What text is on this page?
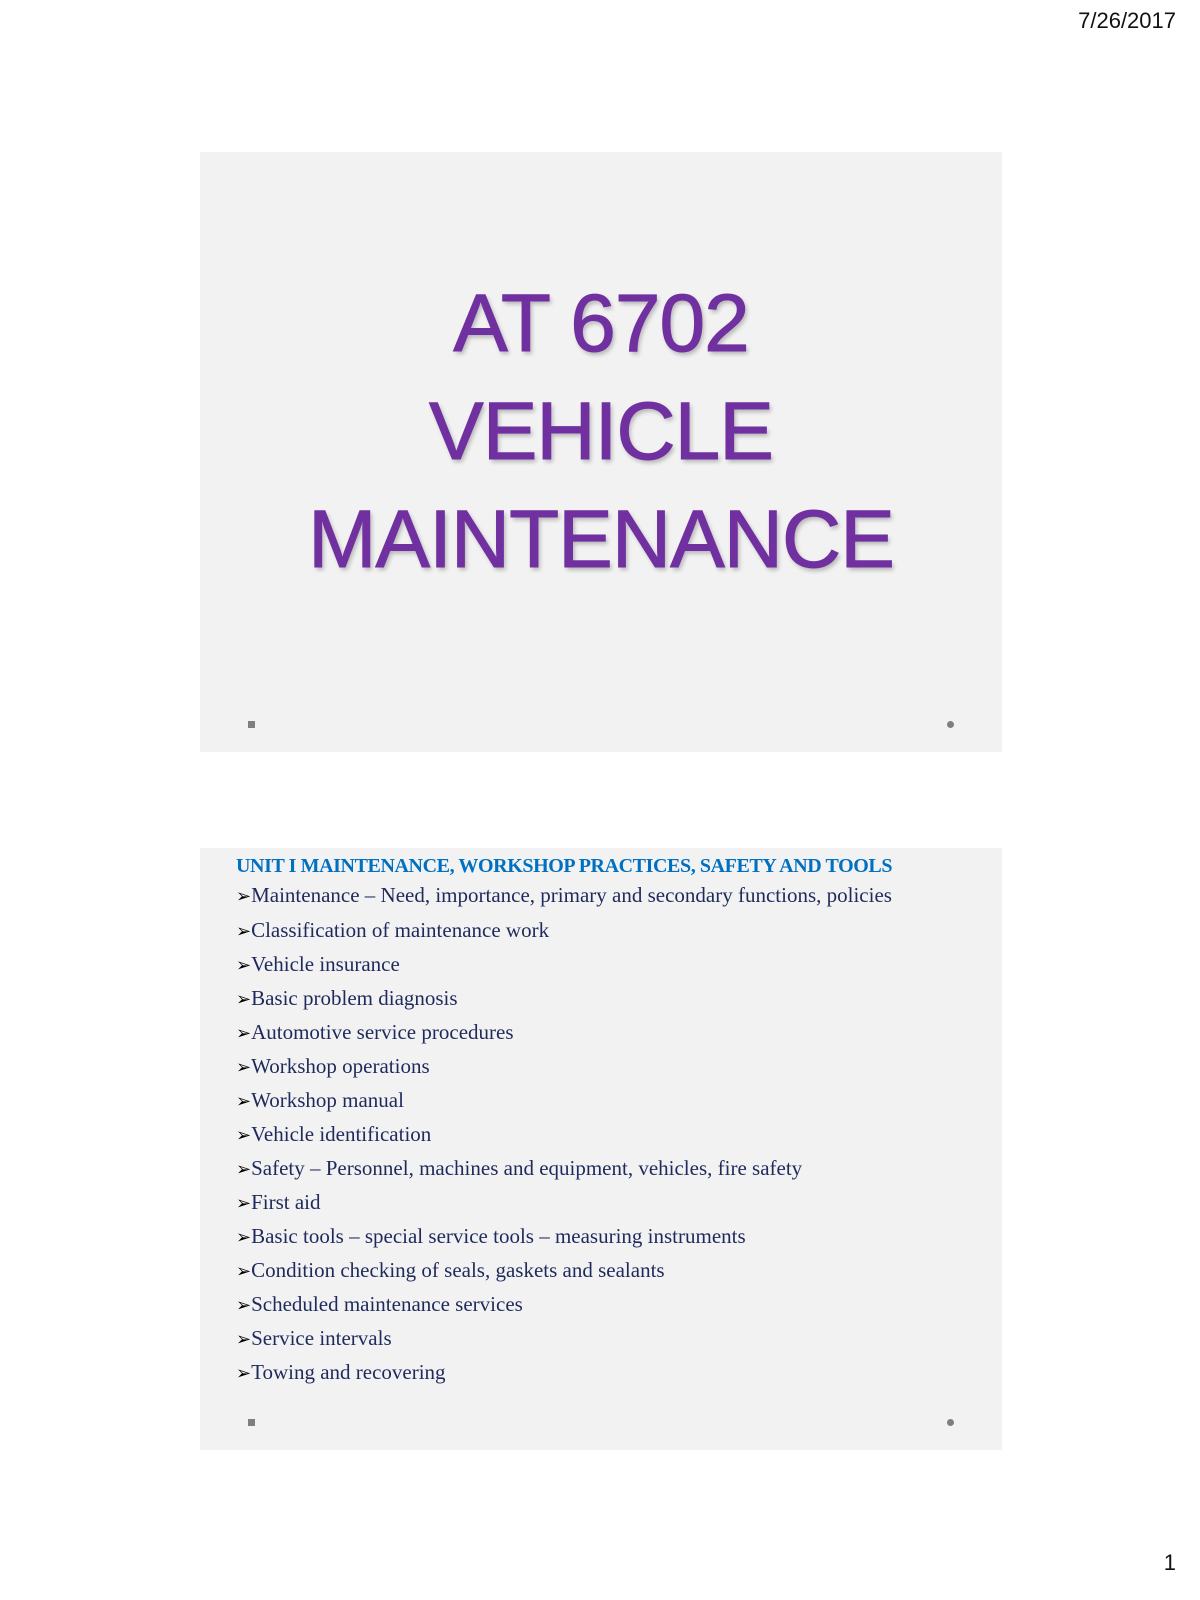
7/26/2017
AT 6702
VEHICLE
MAINTENANCE
UNIT I MAINTENANCE, WORKSHOP PRACTICES, SAFETY AND TOOLS
➢Maintenance – Need, importance, primary and secondary functions, policies
➢Classification of maintenance work
➢Vehicle insurance
➢Basic problem diagnosis
➢Automotive service procedures
➢Workshop operations
➢Workshop manual
➢Vehicle identification
➢Safety – Personnel, machines and equipment, vehicles, fire safety
➢First aid
➢Basic tools – special service tools – measuring instruments
➢Condition checking of seals, gaskets and sealants
➢Scheduled maintenance services
➢Service intervals
➢Towing and recovering
1
